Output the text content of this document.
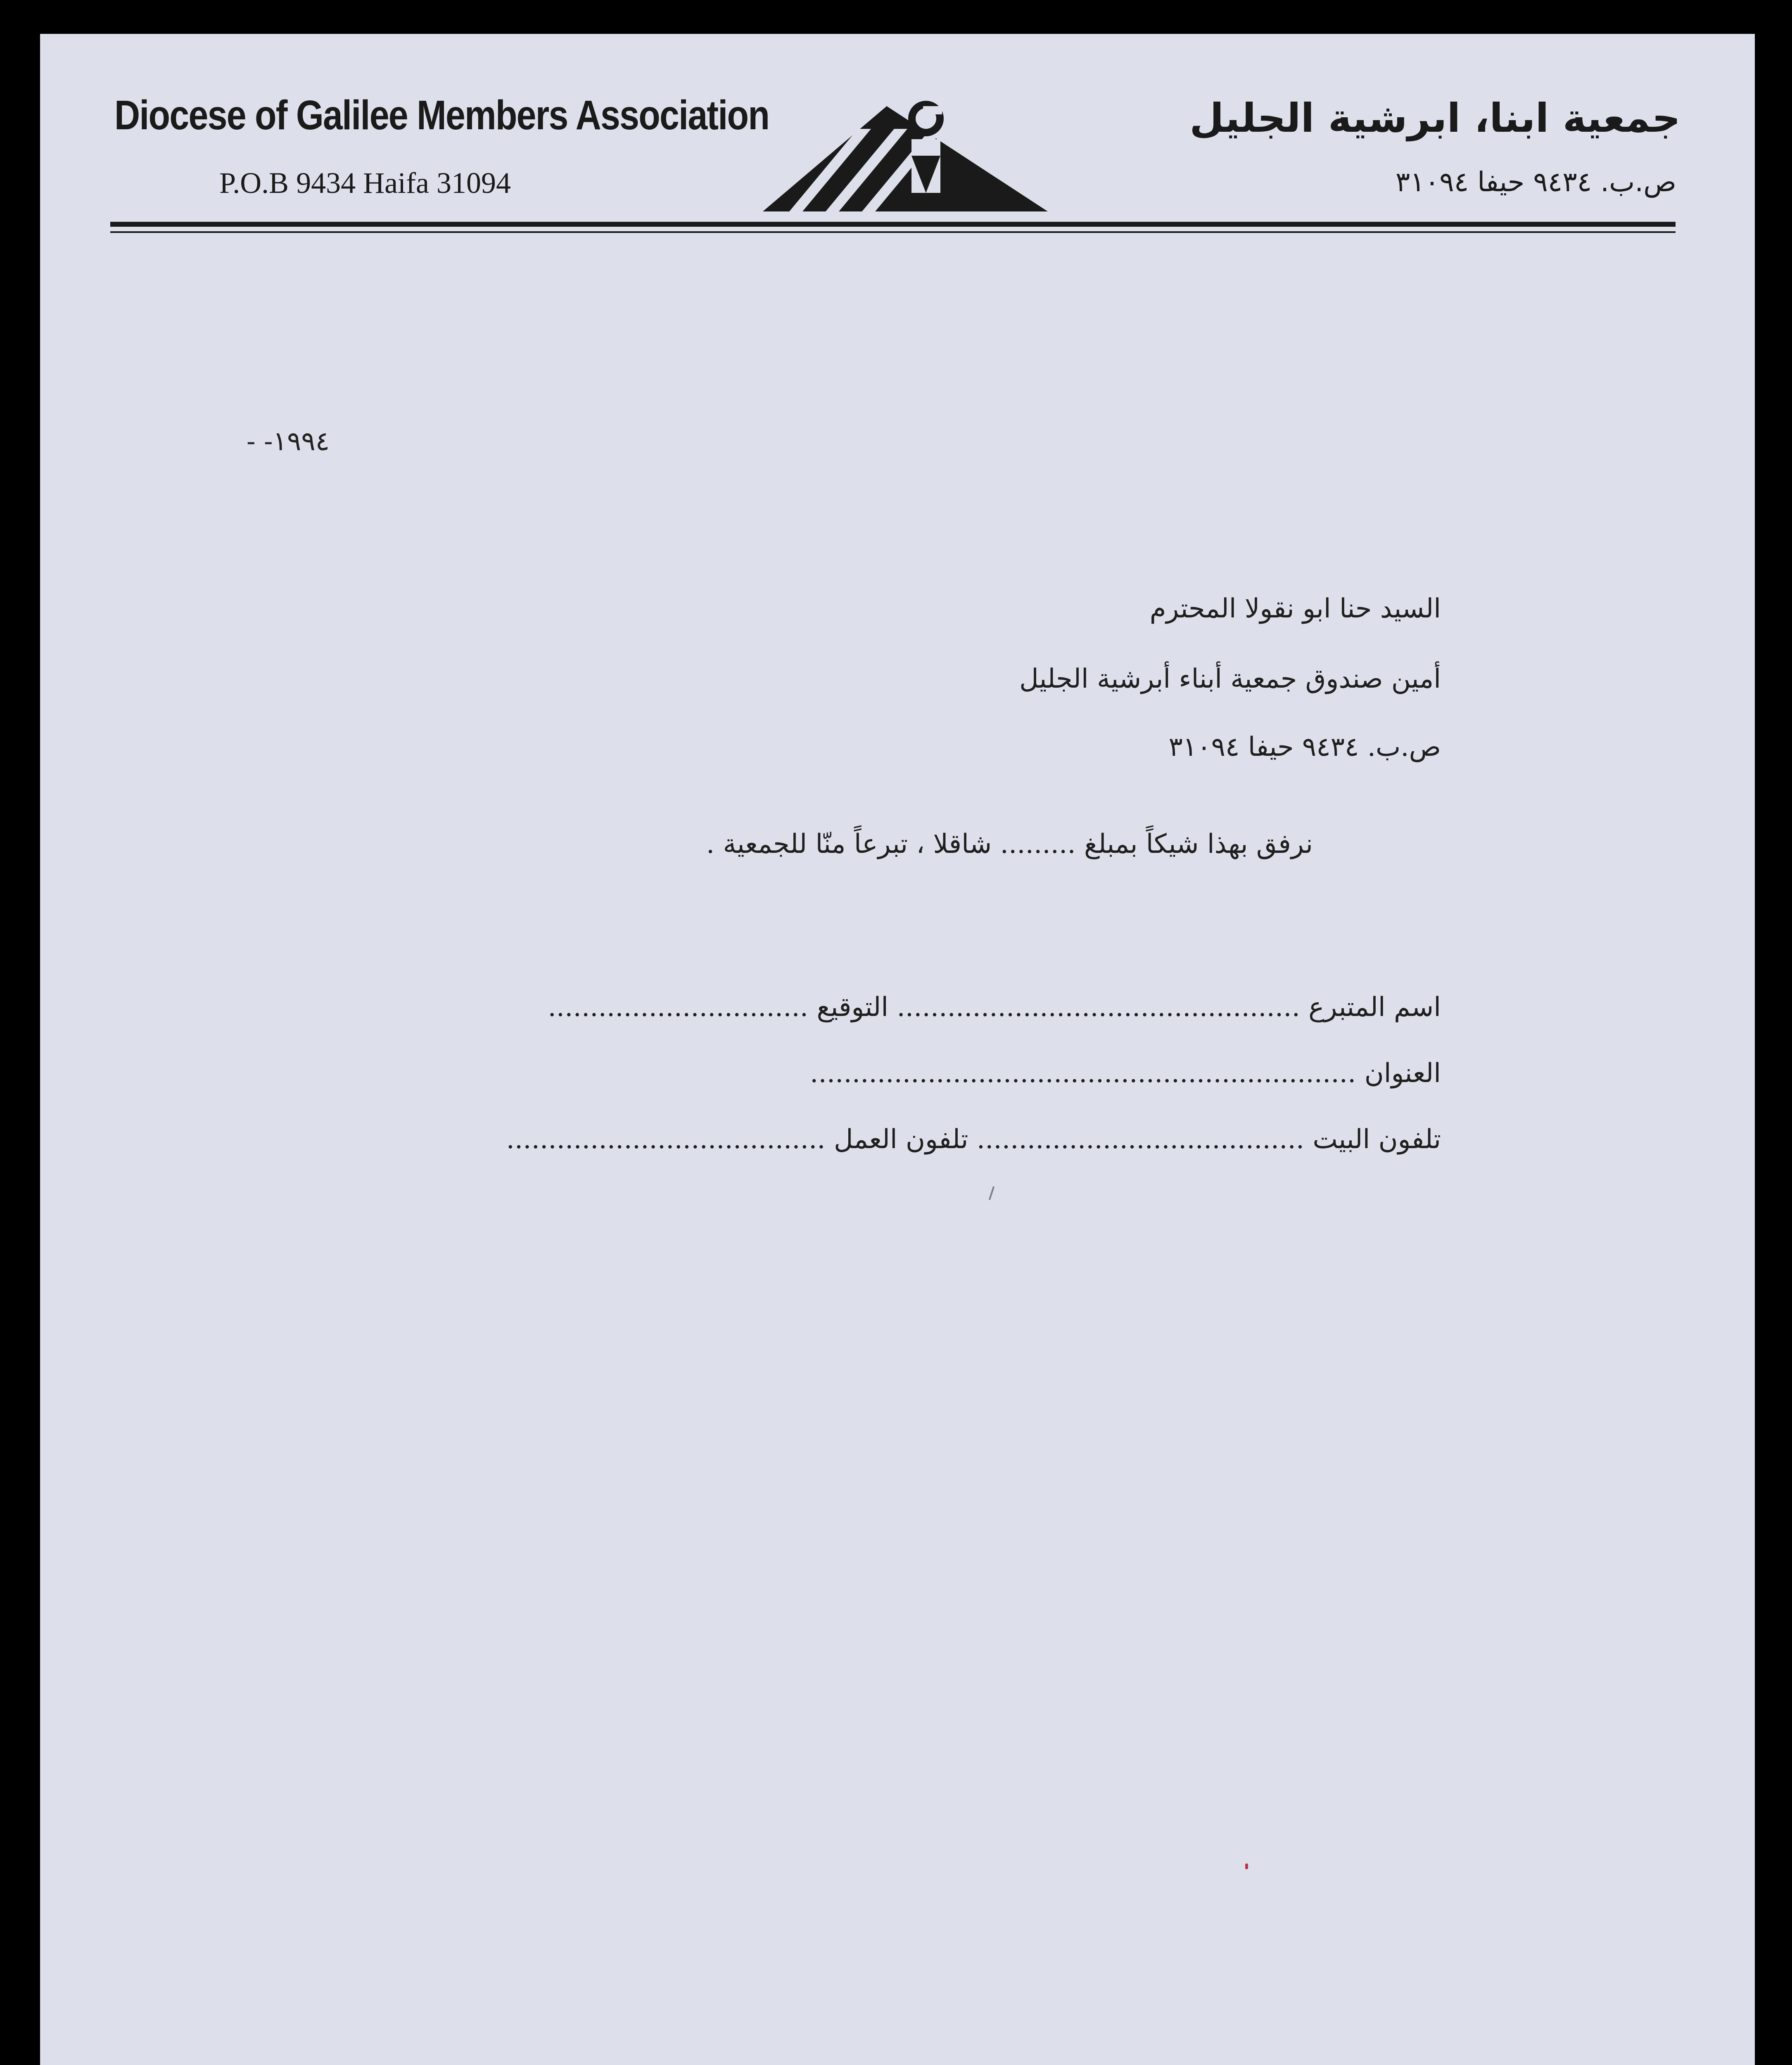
Diocese of Galilee Members Association
P.O.B 9434 Haifa 31094
جمعية ابنا، ابرشية الجليل
ص.ب. ٩٤٣٤ حيفا ٣١٠٩٤
١٩٩٤- -
السيد حنا ابو نقولا المحترم
أمين صندوق جمعية أبناء أبرشية الجليل
ص.ب. ٩٤٣٤ حيفا ٣١٠٩٤
نرفق بهذا شيكاً بمبلغ ......... شاقلا ، تبرعاً منّا للجمعية .
اسم المتبرع ................................................ التوقيع ...............................
العنوان .................................................................
تلفون البيت ....................................... تلفون العمل ......................................
